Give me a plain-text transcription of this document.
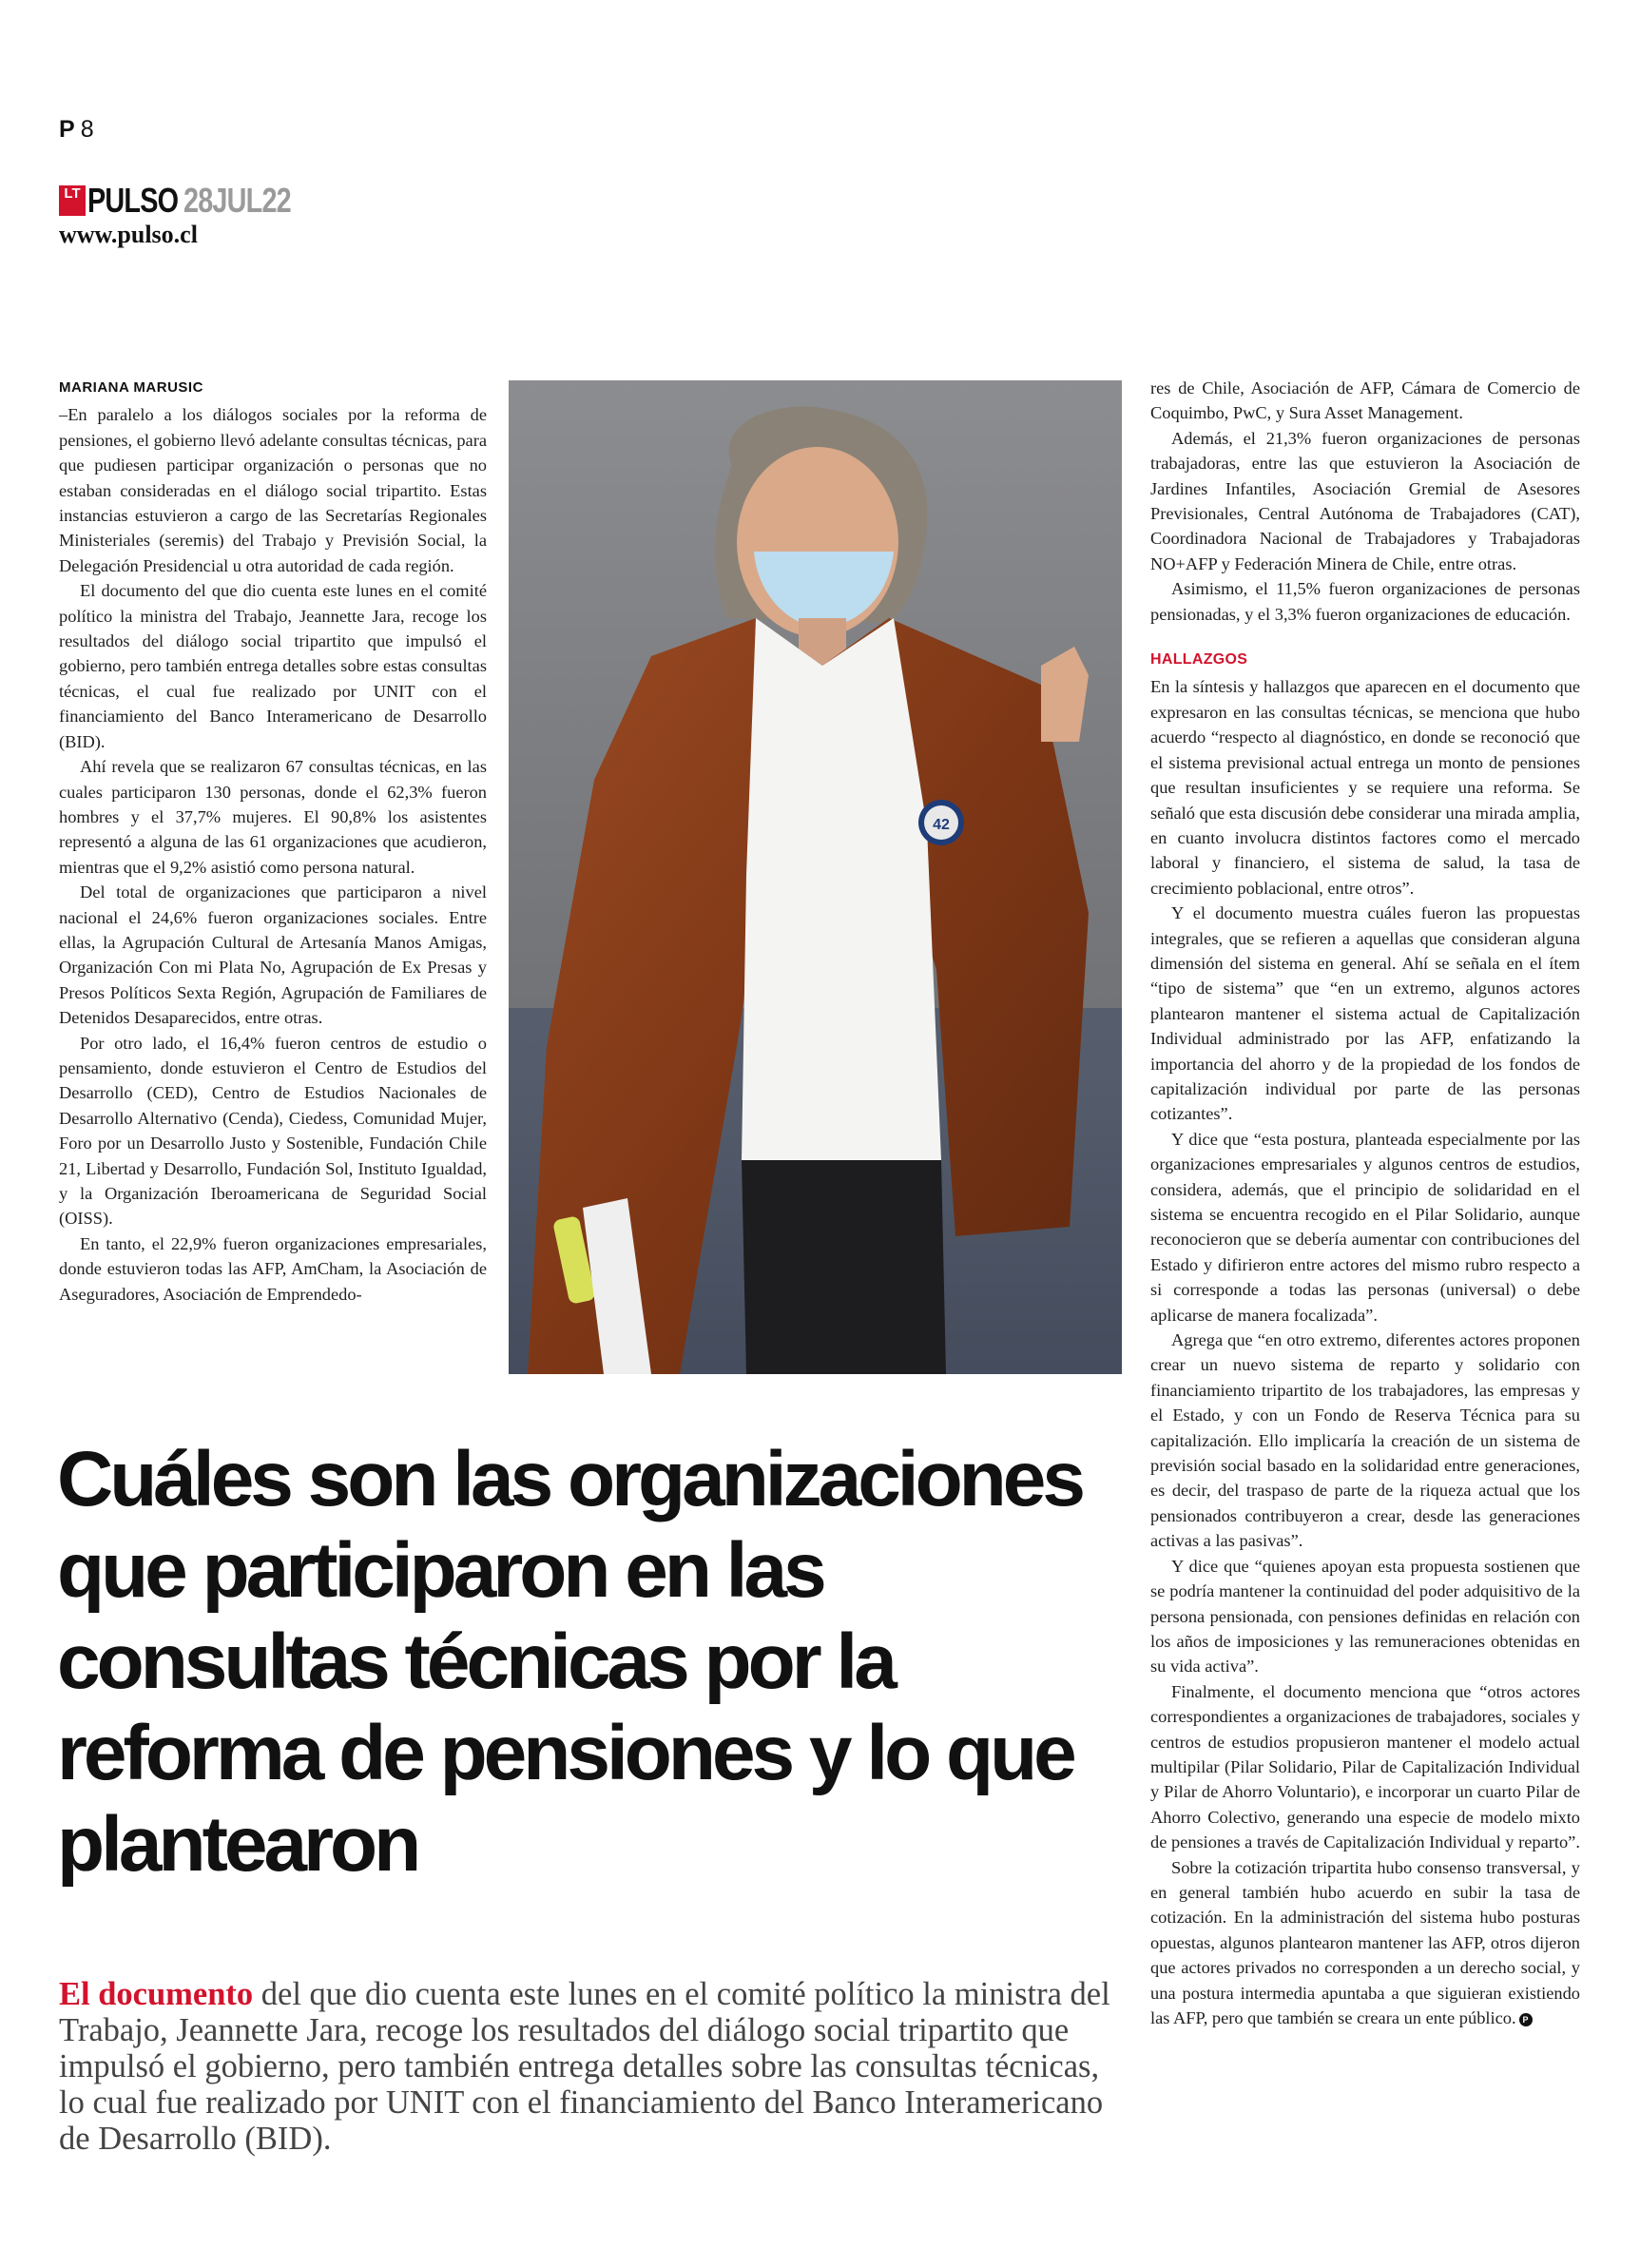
P 8
LT PULSO 28JUL22
www.pulso.cl

MARIANA MARUSIC

–En paralelo a los diálogos sociales por la reforma de pensiones, el gobierno llevó adelante consultas técnicas, para que pudiesen participar organización o personas que no estaban consideradas en el diálogo social tripartito. Estas instancias estuvieron a cargo de las Secretarías Regionales Ministeriales (seremis) del Trabajo y Previsión Social, la Delegación Presidencial u otra autoridad de cada región.

El documento del que dio cuenta este lunes en el comité político la ministra del Trabajo, Jeannette Jara, recoge los resultados del diálogo social tripartito que impulsó el gobierno, pero también entrega detalles sobre estas consultas técnicas, el cual fue realizado por UNIT con el financiamiento del Banco Interamericano de Desarrollo (BID).

Ahí revela que se realizaron 67 consultas técnicas, en las cuales participaron 130 personas, donde el 62,3% fueron hombres y el 37,7% mujeres. El 90,8% los asistentes representó a alguna de las 61 organizaciones que acudieron, mientras que el 9,2% asistió como persona natural.

Del total de organizaciones que participaron a nivel nacional el 24,6% fueron organizaciones sociales. Entre ellas, la Agrupación Cultural de Artesanía Manos Amigas, Organización Con mi Plata No, Agrupación de Ex Presas y Presos Políticos Sexta Región, Agrupación de Familiares de Detenidos Desaparecidos, entre otras.

Por otro lado, el 16,4% fueron centros de estudio o pensamiento, donde estuvieron el Centro de Estudios del Desarrollo (CED), Centro de Estudios Nacionales de Desarrollo Alternativo (Cenda), Ciedess, Comunidad Mujer, Foro por un Desarrollo Justo y Sostenible, Fundación Chile 21, Libertad y Desarrollo, Fundación Sol, Instituto Igualdad, y la Organización Iberoamericana de Seguridad Social (OISS).

En tanto, el 22,9% fueron organizaciones empresariales, donde estuvieron todas las AFP, AmCham, la Asociación de Aseguradores, Asociación de Emprendedo-

42

res de Chile, Asociación de AFP, Cámara de Comercio de Coquimbo, PwC, y Sura Asset Management.

Además, el 21,3% fueron organizaciones de personas trabajadoras, entre las que estuvieron la Asociación de Jardines Infantiles, Asociación Gremial de Asesores Previsionales, Central Autónoma de Trabajadores (CAT), Coordinadora Nacional de Trabajadores y Trabajadoras NO+AFP y Federación Minera de Chile, entre otras.

Asimismo, el 11,5% fueron organizaciones de personas pensionadas, y el 3,3% fueron organizaciones de educación.

HALLAZGOS

En la síntesis y hallazgos que aparecen en el documento que expresaron en las consultas técnicas, se menciona que hubo acuerdo “respecto al diagnóstico, en donde se reconoció que el sistema previsional actual entrega un monto de pensiones que resultan insuficientes y se requiere una reforma. Se señaló que esta discusión debe considerar una mirada amplia, en cuanto involucra distintos factores como el mercado laboral y financiero, el sistema de salud, la tasa de crecimiento poblacional, entre otros”.

Y el documento muestra cuáles fueron las propuestas integrales, que se refieren a aquellas que consideran alguna dimensión del sistema en general. Ahí se señala en el ítem “tipo de sistema” que “en un extremo, algunos actores plantearon mantener el sistema actual de Capitalización Individual administrado por las AFP, enfatizando la importancia del ahorro y de la propiedad de los fondos de capitalización individual por parte de las personas cotizantes”.

Y dice que “esta postura, planteada especialmente por las organizaciones empresariales y algunos centros de estudios, considera, además, que el principio de solidaridad en el sistema se encuentra recogido en el Pilar Solidario, aunque reconocieron que se debería aumentar con contribuciones del Estado y difirieron entre actores del mismo rubro respecto a si corresponde a todas las personas (universal) o debe aplicarse de manera focalizada”.

Agrega que “en otro extremo, diferentes actores proponen crear un nuevo sistema de reparto y solidario con financiamiento tripartito de los trabajadores, las empresas y el Estado, y con un Fondo de Reserva Técnica para su capitalización. Ello implicaría la creación de un sistema de previsión social basado en la solidaridad entre generaciones, es decir, del traspaso de parte de la riqueza actual que los pensionados contribuyeron a crear, desde las generaciones activas a las pasivas”.

Y dice que “quienes apoyan esta propuesta sostienen que se podría mantener la continuidad del poder adquisitivo de la persona pensionada, con pensiones definidas en relación con los años de imposiciones y las remuneraciones obtenidas en su vida activa”.

Finalmente, el documento menciona que “otros actores correspondientes a organizaciones de trabajadores, sociales y centros de estudios propusieron mantener el modelo actual multipilar (Pilar Solidario, Pilar de Capitalización Individual y Pilar de Ahorro Voluntario), e incorporar un cuarto Pilar de Ahorro Colectivo, generando una especie de modelo mixto de pensiones a través de Capitalización Individual y reparto”.

Sobre la cotización tripartita hubo consenso transversal, y en general también hubo acuerdo en subir la tasa de cotización. En la administración del sistema hubo posturas opuestas, algunos plantearon mantener las AFP, otros dijeron que actores privados no corresponden a un derecho social, y una postura intermedia apuntaba a que siguieran existiendo las AFP, pero que también se creara un ente público. P

Cuáles son las organizaciones que participaron en las consultas técnicas por la reforma de pensiones y lo que plantearon

El documento del que dio cuenta este lunes en el comité político la ministra del Trabajo, Jeannette Jara, recoge los resultados del diálogo social tripartito que impulsó el gobierno, pero también entrega detalles sobre las consultas técnicas, lo cual fue realizado por UNIT con el financiamiento del Banco Interamericano de Desarrollo (BID).
